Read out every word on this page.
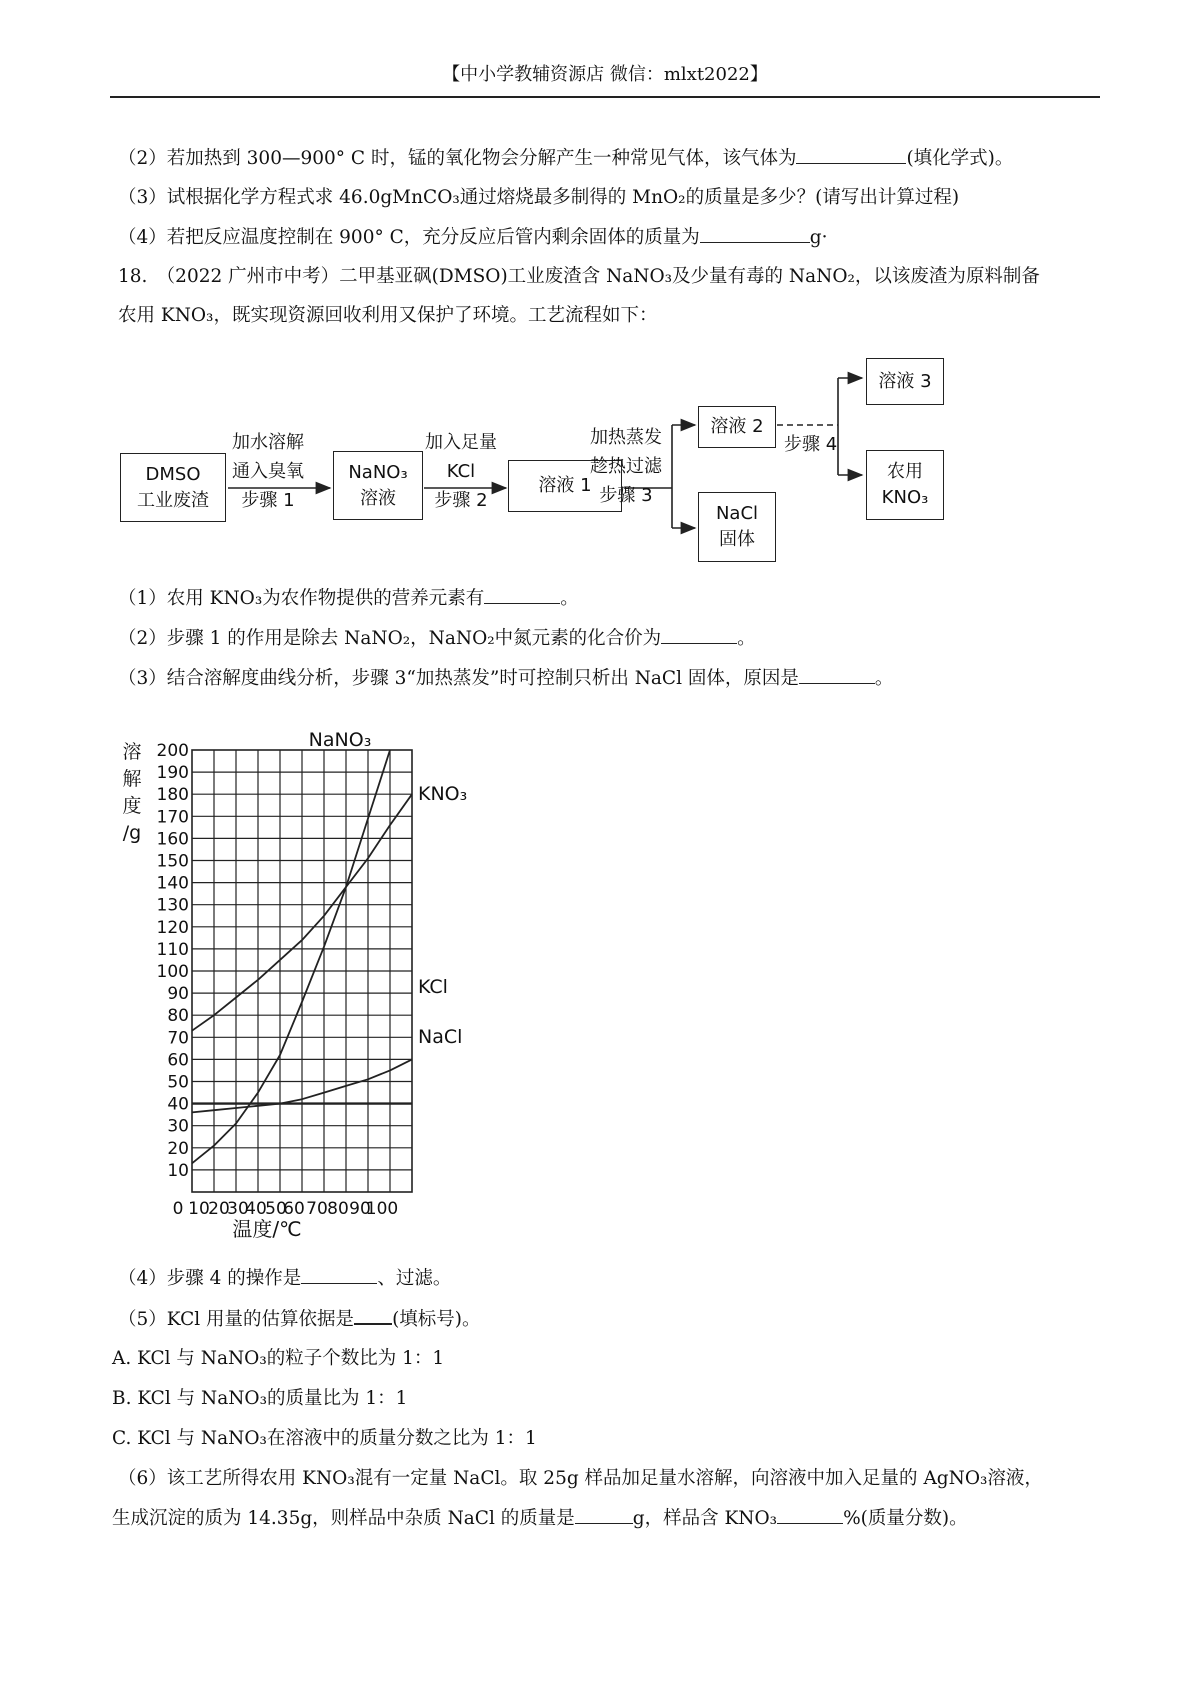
【中小学教辅资源店 微信：mlxt2022】
（2）若加热到 300—900° C 时，锰的氧化物会分解产生一种常见气体，该气体为	(填化学式)。
（3）试根据化学方程式求 46.0gMnCO₃通过熔烧最多制得的 MnO₂的质量是多少？(请写出计算过程)
（4）若把反应温度控制在 900° C，充分反应后管内剩余固体的质量为	g·
18.　（2022 广州市中考）二甲基亚砜(DMSO)工业废渣含 NaNO₃及少量有毒的 NaNO₂，以该废渣为原料制备
农用 KNO₃，既实现资源回收利用又保护了环境。工艺流程如下：
DMSO
工业废渣
NaNO₃
溶液
溶液 1
溶液 2
NaCl
固体
溶液 3
农用
KNO₃
加水溶解
通入臭氧
步骤 1
加入足量
KCl
步骤 2
加热蒸发
趁热过滤
步骤 3
步骤 4
（1）农用 KNO₃为农作物提供的营养元素有	。
（2）步骤 1 的作用是除去 NaNO₂，NaNO₂中氮元素的化合价为	。
（3）结合溶解度曲线分析，步骤 3“加热蒸发”时可控制只析出 NaCl 固体，原因是	。
10
20
30
40
50
60
70
80
90
100
110
120
130
140
150
160
170
180
190
200
0 10
20
30
40
50
60 70 80 90
100
溶
解
度
/g
温度/℃
NaNO₃
KNO₃
KCl
NaCl
（4）步骤 4 的操作是	、过滤。
（5）KCl 用量的估算依据是 (填标号)。
A. KCl 与 NaNO₃的粒子个数比为 1：1
B. KCl 与 NaNO₃的质量比为 1：1
C. KCl 与 NaNO₃在溶液中的质量分数之比为 1：1
（6）该工艺所得农用 KNO₃混有一定量 NaCl。取 25g 样品加足量水溶解，向溶液中加入足量的 AgNO₃溶液，
生成沉淀的质为 14.35g，则样品中杂质 NaCl 的质量是	g，样品含 KNO₃	%(质量分数)。
